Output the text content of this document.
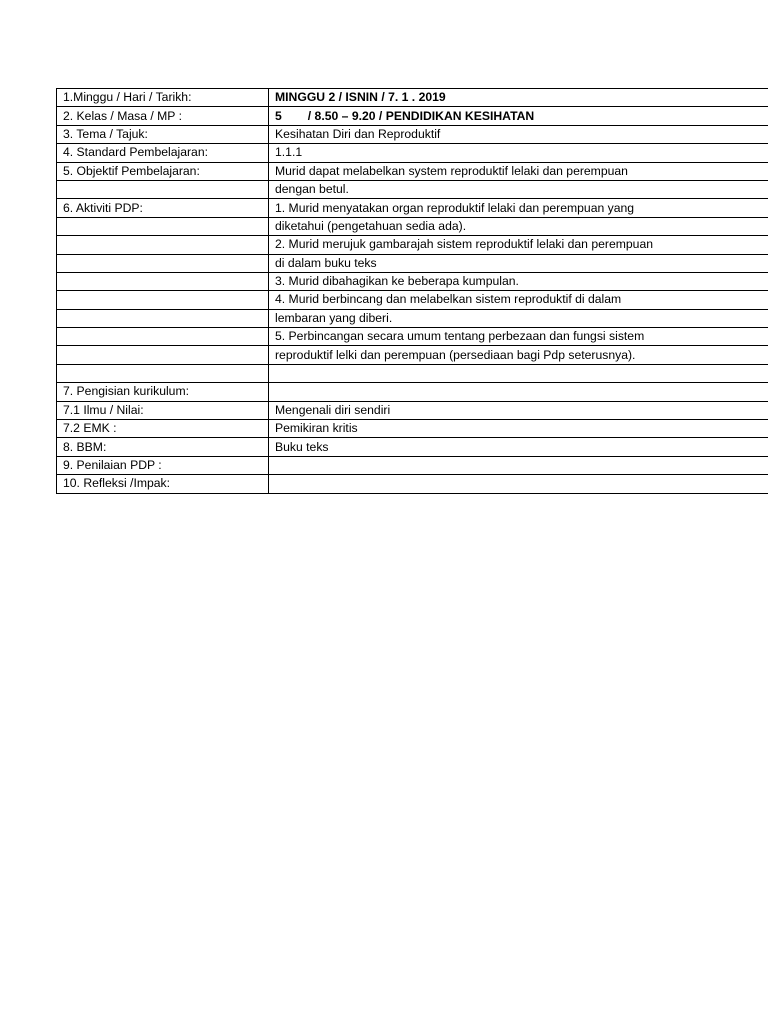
1.Minggu / Hari / Tarikh:	MINGGU 2 / ISNIN / 7. 1 . 2019
2. Kelas / Masa / MP :	5 / 8.50 – 9.20 / PENDIDIKAN KESIHATAN
3. Tema / Tajuk:	Kesihatan Diri dan Reproduktif
4. Standard Pembelajaran:	1.1.1
5. Objektif Pembelajaran:	Murid dapat melabelkan system reproduktif lelaki dan perempuan
	dengan betul.
6. Aktiviti PDP:	1. Murid menyatakan organ reproduktif lelaki dan perempuan yang
	diketahui (pengetahuan sedia ada).
	2. Murid merujuk gambarajah sistem reproduktif lelaki dan perempuan
	di dalam buku teks
	3. Murid dibahagikan ke beberapa kumpulan.
	4. Murid berbincang dan melabelkan sistem reproduktif di dalam
	lembaran yang diberi.
	5. Perbincangan secara umum tentang perbezaan dan fungsi sistem
	reproduktif lelki dan perempuan (persediaan bagi Pdp seterusnya).

7. Pengisian kurikulum:	
7.1 Ilmu / Nilai:	Mengenali diri sendiri
7.2 EMK :	Pemikiran kritis
8. BBM:	Buku teks
9. Penilaian PDP :	
10. Refleksi /Impak:	
